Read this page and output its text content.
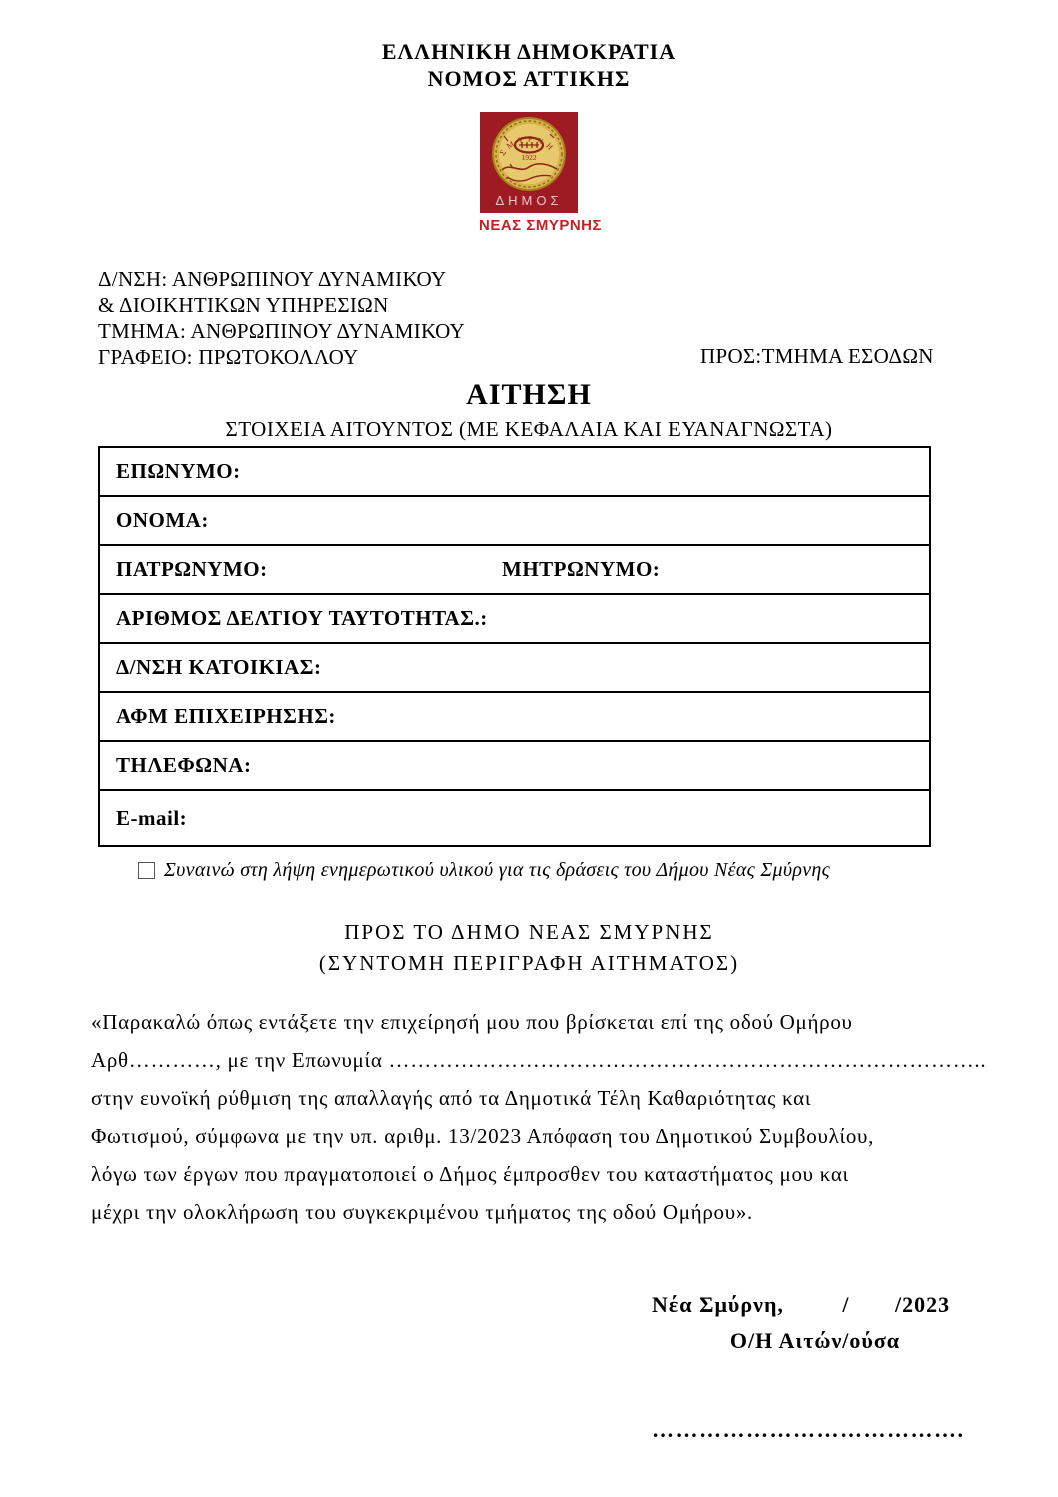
ΕΛΛΗΝΙΚΗ ΔΗΜΟΚΡΑΤΙΑ
ΝΟΜΟΣ ΑΤΤΙΚΗΣ
ΣΜΥΡΝΗ
1922
ΔΗΜΟΣ
ΝΕΑΣ ΣΜΥΡΝΗΣ
Δ/ΝΣΗ: ΑΝΘΡΩΠΙΝΟΥ ΔΥΝΑΜΙΚΟΥ
& ΔΙΟΙΚΗΤΙΚΩΝ ΥΠΗΡΕΣΙΩΝ
ΤΜΗΜΑ: ΑΝΘΡΩΠΙΝΟΥ ΔΥΝΑΜΙΚΟΥ
ΓΡΑΦΕΙΟ: ΠΡΩΤΟΚΟΛΛΟΥ	ΠΡΟΣ:ΤΜΗΜΑ ΕΣΟΔΩΝ
ΑΙΤΗΣΗ
ΣΤΟΙΧΕΙΑ ΑΙΤΟΥΝΤΟΣ (ΜΕ ΚΕΦΑΛΑΙΑ ΚΑΙ ΕΥΑΝΑΓΝΩΣΤΑ)
ΕΠΩΝΥΜΟ:
ΟΝΟΜΑ:
ΠΑΤΡΩΝΥΜΟ:	ΜΗΤΡΩΝΥΜΟ:
ΑΡΙΘΜΟΣ ΔΕΛΤΙΟΥ ΤΑΥΤΟΤΗΤΑΣ.:
Δ/ΝΣΗ ΚΑΤΟΙΚΙΑΣ:
ΑΦΜ ΕΠΙΧΕΙΡΗΣΗΣ:
ΤΗΛΕΦΩΝΑ:
E-mail:
Συναινώ στη λήψη ενημερωτικού υλικού για τις δράσεις του Δήμου Νέας Σμύρνης
ΠΡΟΣ ΤΟ ΔΗΜΟ ΝΕΑΣ ΣΜΥΡΝΗΣ
(ΣΥΝΤΟΜΗ ΠΕΡΙΓΡΑΦΗ ΑΙΤΗΜΑΤΟΣ)
«Παρακαλώ όπως εντάξετε την επιχείρησή μου που βρίσκεται επί της οδού Ομήρου
Αρθ…………, με την Επωνυμία ………………………………………………………………………..
στην ευνοϊκή ρύθμιση της απαλλαγής από τα Δημοτικά Τέλη Καθαριότητας και
Φωτισμού, σύμφωνα με την υπ. αριθμ. 13/2023 Απόφαση του Δημοτικού Συμβουλίου,
λόγω των έργων που πραγματοποιεί ο Δήμος έμπροσθεν του καταστήματος μου και
μέχρι την ολοκλήρωση του συγκεκριμένου τμήματος της οδού Ομήρου».
Νέα Σμύρνη,         /       /2023
Ο/Η Αιτών/ούσα
………………………………….
